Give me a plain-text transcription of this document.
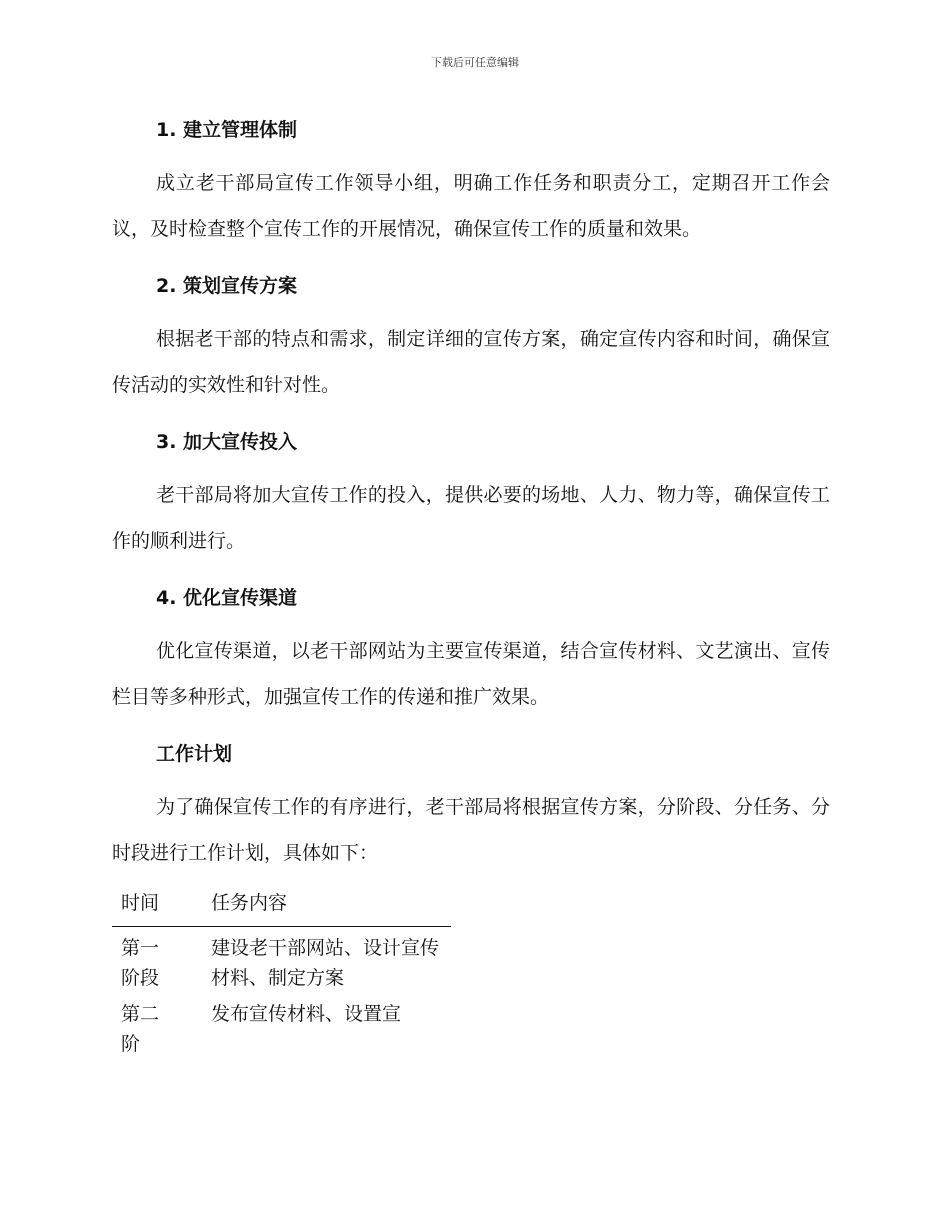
下载后可任意编辑
1. 建立管理体制

成立老干部局宣传工作领导小组，明确工作任务和职责分工，定期召开工作会议，及时检查整个宣传工作的开展情况，确保宣传工作的质量和效果。

2. 策划宣传方案

根据老干部的特点和需求，制定详细的宣传方案，确定宣传内容和时间，确保宣传活动的实效性和针对性。

3. 加大宣传投入

老干部局将加大宣传工作的投入，提供必要的场地、人力、物力等，确保宣传工作的顺利进行。

4. 优化宣传渠道

优化宣传渠道，以老干部网站为主要宣传渠道，结合宣传材料、文艺演出、宣传栏目等多种形式，加强宣传工作的传递和推广效果。

工作计划

为了确保宣传工作的有序进行，老干部局将根据宣传方案，分阶段、分任务、分时段进行工作计划，具体如下：

时间	任务内容
第一阶段	建设老干部网站、设计宣传材料、制定方案
第二阶	发布宣传材料、设置宣
